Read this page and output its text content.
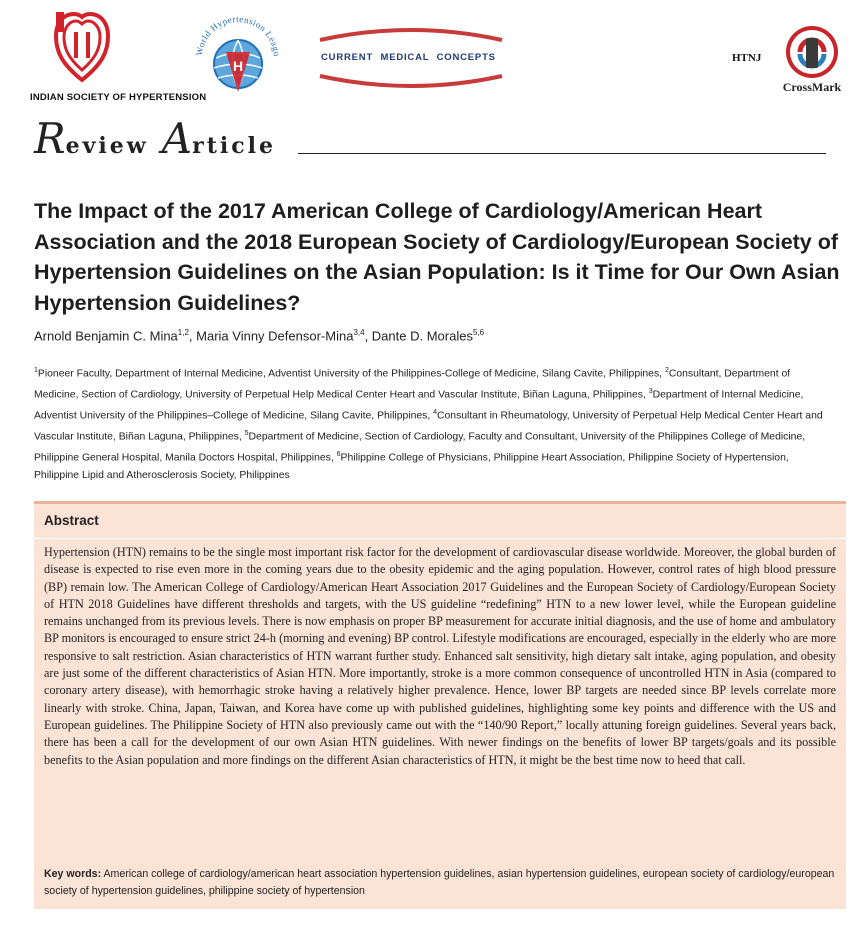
INDIAN SOCIETY OF HYPERTENSION
World Hypertension Leagu
H
CURRENT MEDICAL CONCEPTS	HTNJ
CrossMark
Review Article
The Impact of the 2017 American College of Cardiology/American Heart Association and the 2018 European Society of Cardiology/European Society of Hypertension Guidelines on the Asian Population: Is it Time for Our Own Asian Hypertension Guidelines?
Arnold Benjamin C. Mina$^{1,2}$, Maria Vinny Defensor-Mina$^{3,4}$, Dante D. Morales$^{5,6}$
$^1$Pioneer Faculty, Department of Internal Medicine, Adventist University of the Philippines-College of Medicine, Silang Cavite, Philippines, $^2$Consultant, Department of Medicine, Section of Cardiology, University of Perpetual Help Medical Center Heart and Vascular Institute, Biñan Laguna, Philippines, $^3$Department of Internal Medicine, Adventist University of the Philippines–College of Medicine, Silang Cavite, Philippines, $^4$Consultant in Rheumatology, University of Perpetual Help Medical Center Heart and Vascular Institute, Biñan Laguna, Philippines, $^5$Department of Medicine, Section of Cardiology, Faculty and Consultant, University of the Philippines College of Medicine, Philippine General Hospital, Manila Doctors Hospital, Philippines, $^6$Philippine College of Physicians, Philippine Heart Association, Philippine Society of Hypertension, Philippine Lipid and Atherosclerosis Society, Philippines
Abstract

Hypertension (HTN) remains to be the single most important risk factor for the development of cardiovascular disease worldwide. Moreover, the global burden of disease is expected to rise even more in the coming years due to the obesity epidemic and the aging population. However, control rates of high blood pressure (BP) remain low. The American College of Cardiology/American Heart Association 2017 Guidelines and the European Society of Cardiology/European Society of HTN 2018 Guidelines have different thresholds and targets, with the US guideline “redefining” HTN to a new lower level, while the European guideline remains unchanged from its previous levels. There is now emphasis on proper BP measurement for accurate initial diagnosis, and the use of home and ambulatory BP monitors is encouraged to ensure strict 24-h (morning and evening) BP control. Lifestyle modifications are encouraged, especially in the elderly who are more responsive to salt restriction. Asian characteristics of HTN warrant further study. Enhanced salt sensitivity, high dietary salt intake, aging population, and obesity are just some of the different characteristics of Asian HTN. More importantly, stroke is a more common consequence of uncontrolled HTN in Asia (compared to coronary artery disease), with hemorrhagic stroke having a relatively higher prevalence. Hence, lower BP targets are needed since BP levels correlate more linearly with stroke. China, Japan, Taiwan, and Korea have come up with published guidelines, highlighting some key points and difference with the US and European guidelines. The Philippine Society of HTN also previously came out with the “140/90 Report,” locally attuning foreign guidelines. Several years back, there has been a call for the development of our own Asian HTN guidelines. With newer findings on the benefits of lower BP targets/goals and its possible benefits to the Asian population and more findings on the different Asian characteristics of HTN, it might be the best time now to heed that call.

Key words: American college of cardiology/american heart association hypertension guidelines, asian hypertension guidelines, european society of cardiology/european society of hypertension guidelines, philippine society of hypertension
